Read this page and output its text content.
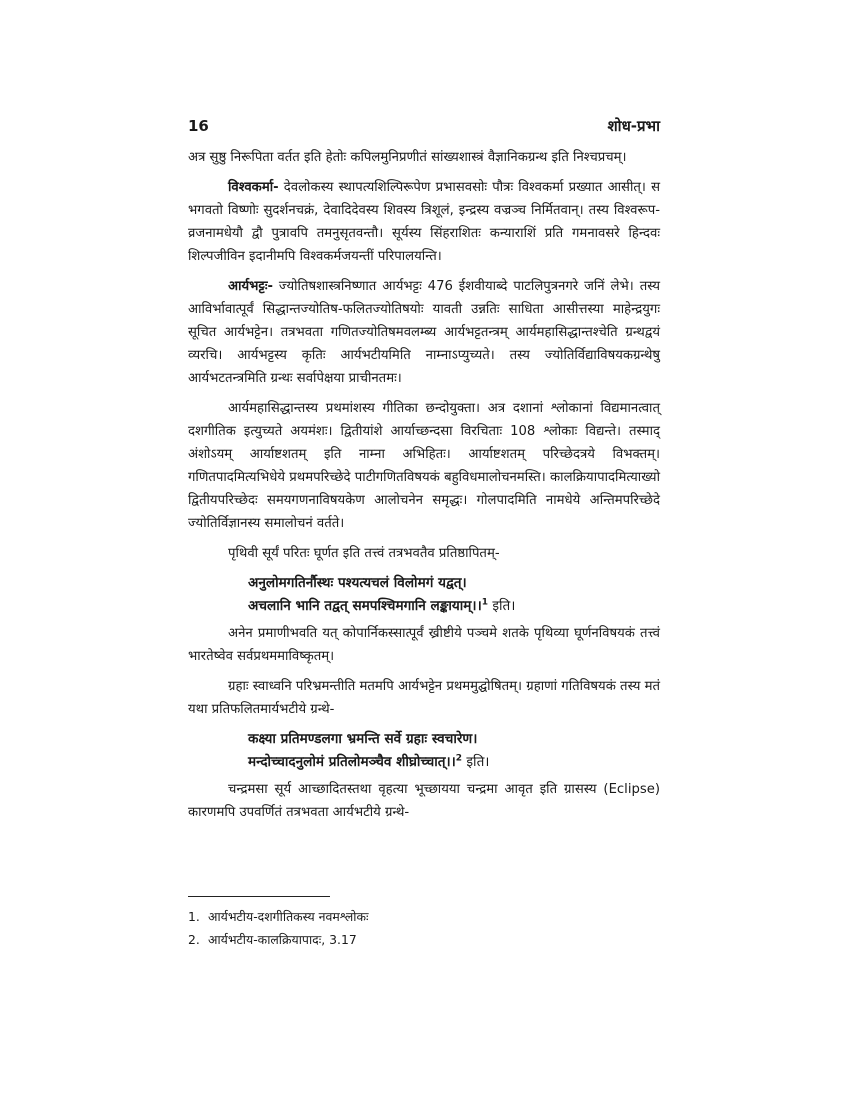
16	शोध-प्रभा

अत्र सुष्ठु निरूपिता वर्तत इति हेतोः कपिलमुनिप्रणीतं सांख्यशास्त्रं वैज्ञानिकग्रन्थ इति निश्चप्रचम्।

विश्वकर्मा- देवलोकस्य स्थापत्यशिल्पिरूपेण प्रभासवसोः पौत्रः विश्वकर्मा प्रख्यात आसीत्। स भगवतो विष्णोः सुदर्शनचक्रं, देवादिदेवस्य शिवस्य त्रिशूलं, इन्द्रस्य वज्रञ्च निर्मितवान्। तस्य विश्वरूप-व्रजनामधेयौ द्वौ पुत्रावपि तमनुसृतवन्तौ। सूर्यस्य सिंहराशितः कन्याराशिं प्रति गमनावसरे हिन्दवः शिल्पजीविन इदानीमपि विश्वकर्मजयन्तीं परिपालयन्ति।

आर्यभट्टः- ज्योतिषशास्त्रनिष्णात आर्यभट्टः 476 ईशवीयाब्दे पाटलिपुत्रनगरे जनिं लेभे। तस्य आविर्भावात्पूर्वं सिद्धान्तज्योतिष-फलितज्योतिषयोः यावती उन्नतिः साधिता आसीत्तस्या माहेन्द्रयुगः सूचित आर्यभट्टेन। तत्रभवता गणितज्योतिषमवलम्ब्य आर्यभट्टतन्त्रम् आर्यमहासिद्धान्तश्चेति ग्रन्थद्वयं व्यरचि। आर्यभट्टस्य कृतिः आर्यभटीयमिति नाम्नाऽप्युच्यते। तस्य ज्योतिर्विद्याविषयकग्रन्थेषु आर्यभटतन्त्रमिति ग्रन्थः सर्वापेक्षया प्राचीनतमः।

आर्यमहासिद्धान्तस्य प्रथमांशस्य गीतिका छन्दोयुक्ता। अत्र दशानां श्लोकानां विद्यमानत्वात् दशगीतिक इत्युच्यते अयमंशः। द्वितीयांशे आर्याच्छन्दसा विरचिताः 108 श्लोकाः विद्यन्ते। तस्माद् अंशोऽयम् आर्याष्टशतम् इति नाम्ना अभिहितः। आर्याष्टशतम् परिच्छेदत्रये विभक्तम्। गणितपादमित्यभिधेये प्रथमपरिच्छेदे पाटीगणितविषयकं बहुविधमालोचनमस्ति। कालक्रियापादमित्याख्यो द्वितीयपरिच्छेदः समयगणनाविषयकेण आलोचनेन समृद्धः। गोलपादमिति नामधेये अन्तिमपरिच्छेदे ज्योतिर्विज्ञानस्य समालोचनं वर्तते।

पृथिवी सूर्यं परितः घूर्णत इति तत्त्वं तत्रभवतैव प्रतिष्ठापितम्-

अनुलोमगतिर्नौस्थः पश्यत्यचलं विलोमगं यद्वत्।
अचलानि भानि तद्वत् समपश्चिमगानि लङ्कायाम्।।$^1$ इति।

अनेन प्रमाणीभवति यत् कोपार्निकस्सात्पूर्वं ख्रीष्टीये पञ्चमे शतके पृथिव्या घूर्णनविषयकं तत्त्वं भारतेष्वेव सर्वप्रथममाविष्कृतम्।

ग्रहाः स्वाध्वनि परिभ्रमन्तीति मतमपि आर्यभट्टेन प्रथममुद्घोषितम्। ग्रहाणां गतिविषयकं तस्य मतं यथा प्रतिफलितमार्यभटीये ग्रन्थे-

कक्ष्या प्रतिमण्डलगा भ्रमन्ति सर्वे ग्रहाः स्वचारेण।
मन्दोच्चादनुलोमं प्रतिलोमञ्चैव शीघ्रोच्चात्।।$^2$ इति।

चन्द्रमसा सूर्य आच्छादितस्तथा वृहत्या भूच्छायया चन्द्रमा आवृत इति ग्रासस्य (Eclipse) कारणमपि उपवर्णितं तत्रभवता आर्यभटीये ग्रन्थे-

1. आर्यभटीय-दशगीतिकस्य नवमश्लोकः
2. आर्यभटीय-कालक्रियापादः, 3.17
